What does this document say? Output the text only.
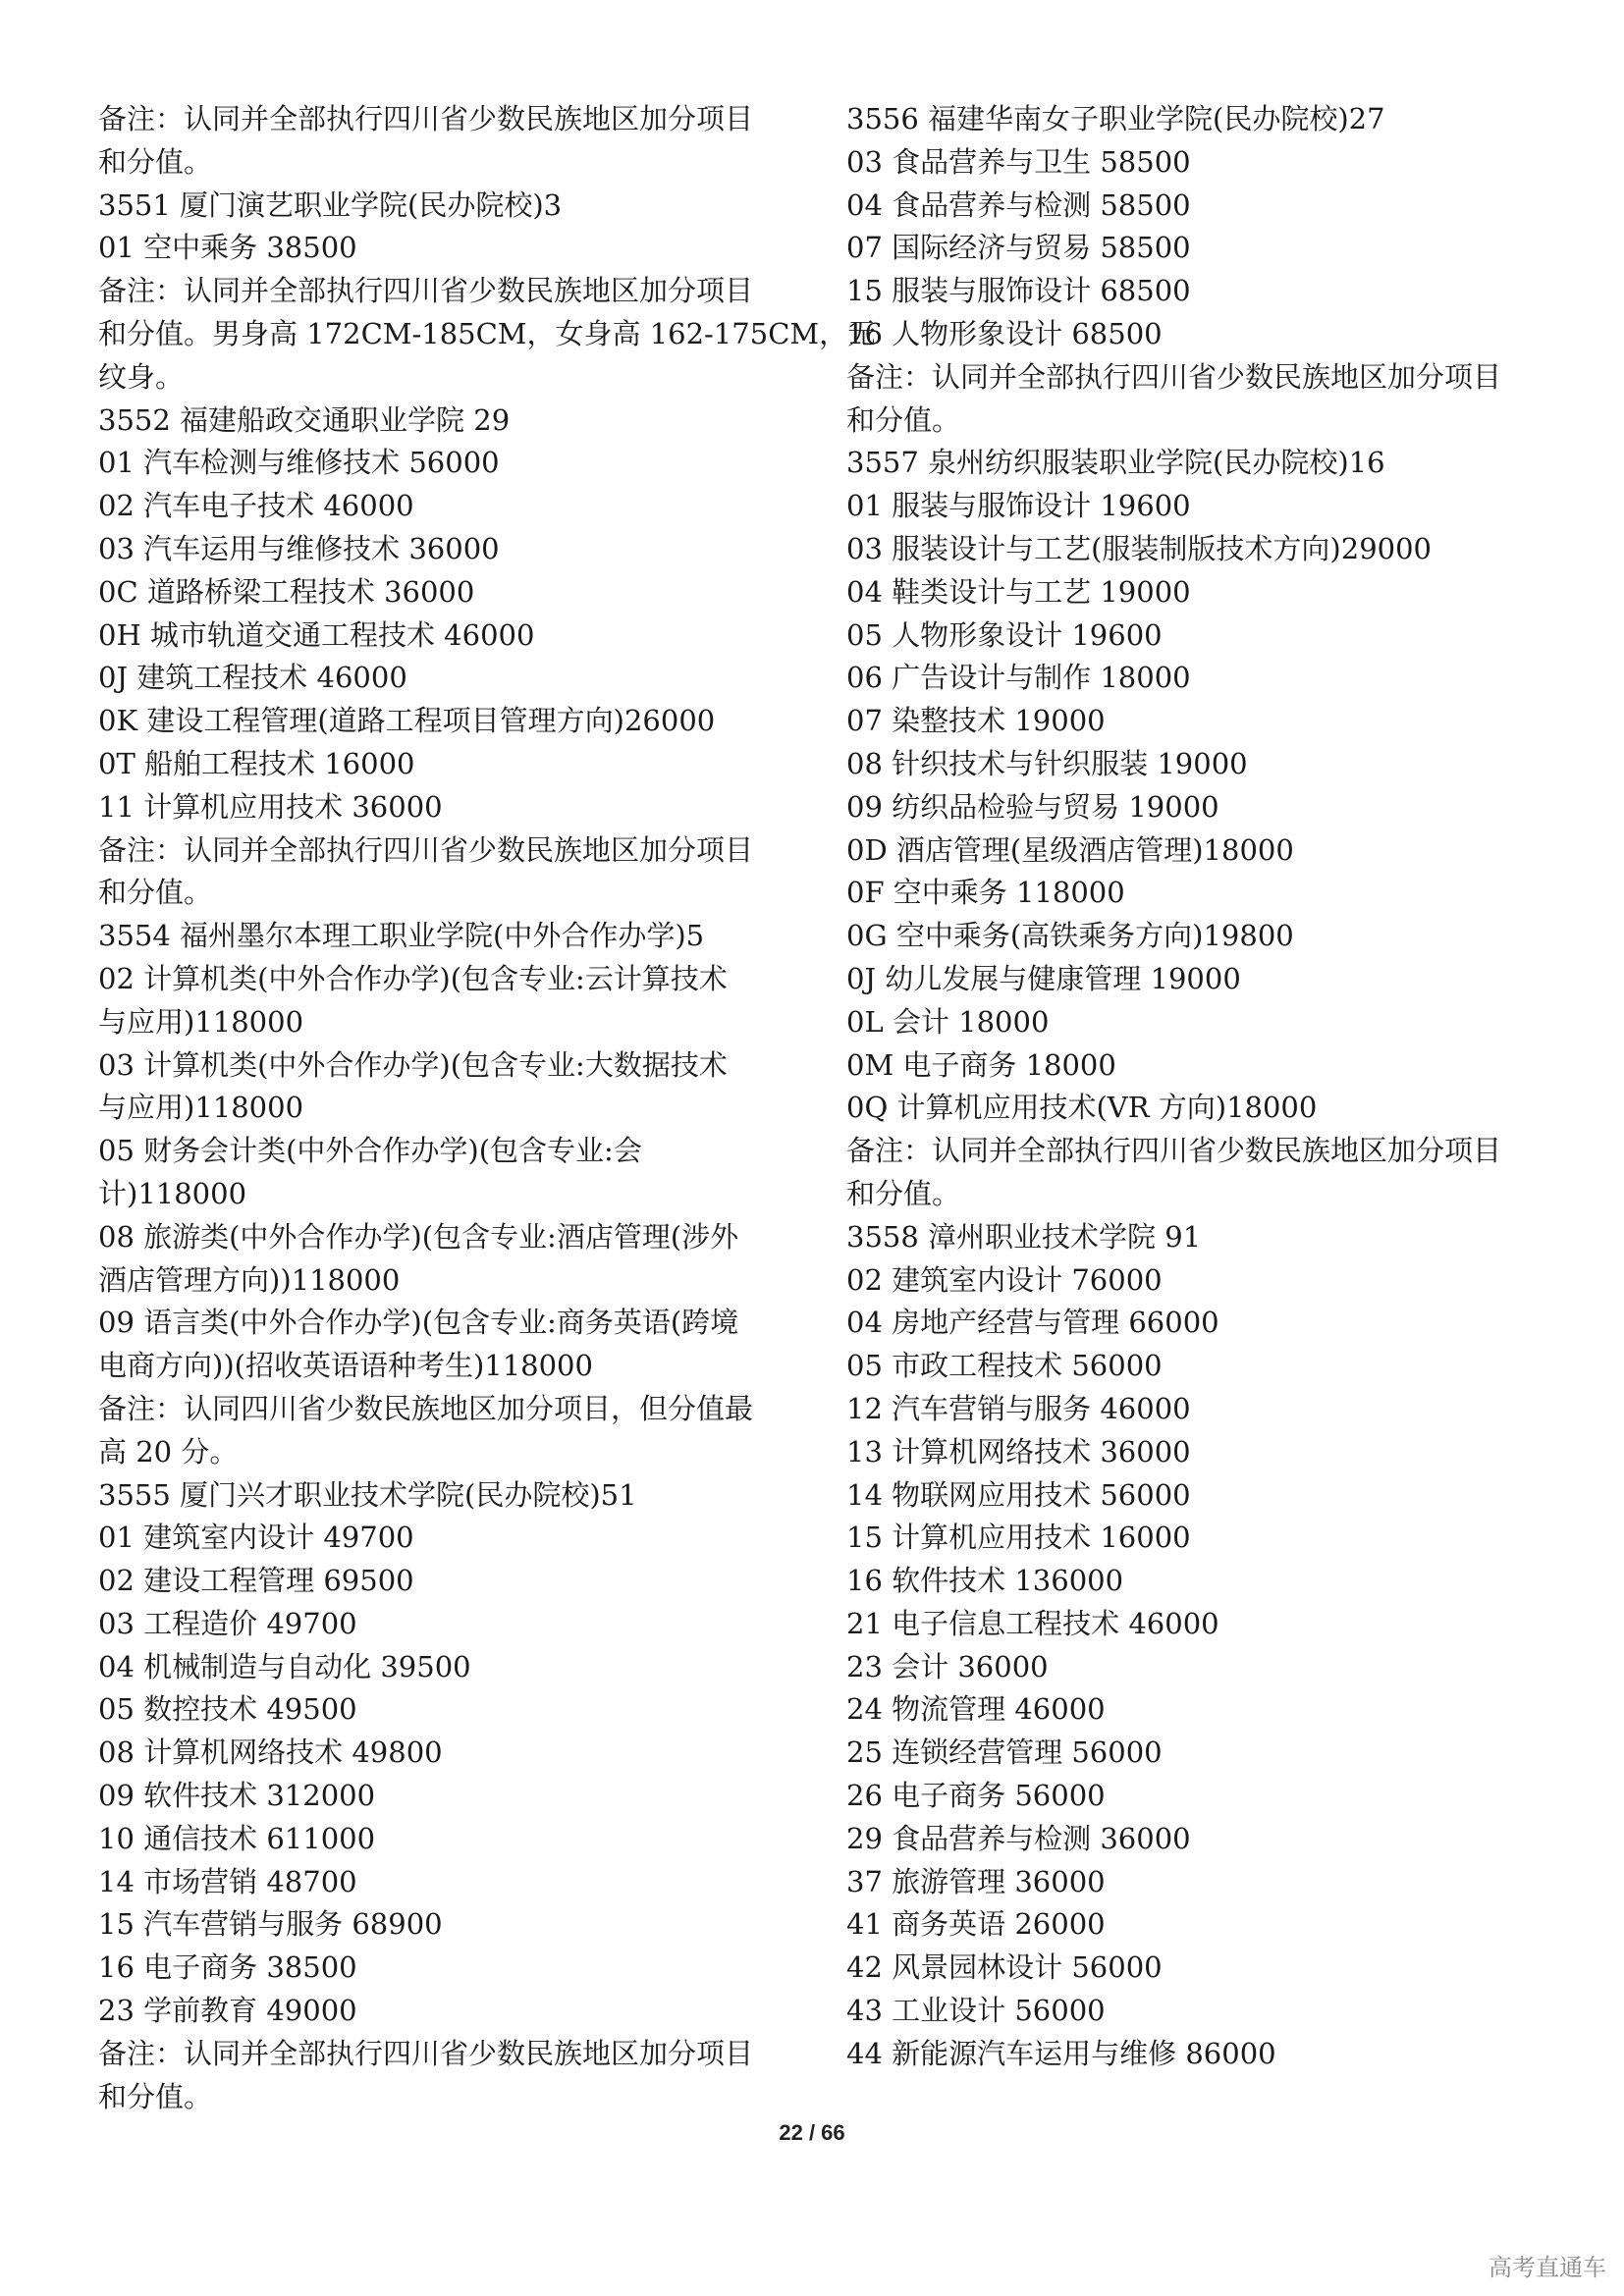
备注：认同并全部执行四川省少数民族地区加分项目
和分值。
3551 厦门演艺职业学院(民办院校)3
01 空中乘务 38500
备注：认同并全部执行四川省少数民族地区加分项目
和分值。男身高 172CM-185CM，女身高 162-175CM，无
纹身。
3552 福建船政交通职业学院 29
01 汽车检测与维修技术 56000
02 汽车电子技术 46000
03 汽车运用与维修技术 36000
0C 道路桥梁工程技术 36000
0H 城市轨道交通工程技术 46000
0J 建筑工程技术 46000
0K 建设工程管理(道路工程项目管理方向)26000
0T 船舶工程技术 16000
11 计算机应用技术 36000
备注：认同并全部执行四川省少数民族地区加分项目
和分值。
3554 福州墨尔本理工职业学院(中外合作办学)5
02 计算机类(中外合作办学)(包含专业:云计算技术
与应用)118000
03 计算机类(中外合作办学)(包含专业:大数据技术
与应用)118000
05 财务会计类(中外合作办学)(包含专业:会
计)118000
08 旅游类(中外合作办学)(包含专业:酒店管理(涉外
酒店管理方向))118000
09 语言类(中外合作办学)(包含专业:商务英语(跨境
电商方向))(招收英语语种考生)118000
备注：认同四川省少数民族地区加分项目，但分值最
高 20 分。
3555 厦门兴才职业技术学院(民办院校)51
01 建筑室内设计 49700
02 建设工程管理 69500
03 工程造价 49700
04 机械制造与自动化 39500
05 数控技术 49500
08 计算机网络技术 49800
09 软件技术 312000
10 通信技术 611000
14 市场营销 48700
15 汽车营销与服务 68900
16 电子商务 38500
23 学前教育 49000
备注：认同并全部执行四川省少数民族地区加分项目
和分值。
3556 福建华南女子职业学院(民办院校)27
03 食品营养与卫生 58500
04 食品营养与检测 58500
07 国际经济与贸易 58500
15 服装与服饰设计 68500
16 人物形象设计 68500
备注：认同并全部执行四川省少数民族地区加分项目
和分值。
3557 泉州纺织服装职业学院(民办院校)16
01 服装与服饰设计 19600
03 服装设计与工艺(服装制版技术方向)29000
04 鞋类设计与工艺 19000
05 人物形象设计 19600
06 广告设计与制作 18000
07 染整技术 19000
08 针织技术与针织服装 19000
09 纺织品检验与贸易 19000
0D 酒店管理(星级酒店管理)18000
0F 空中乘务 118000
0G 空中乘务(高铁乘务方向)19800
0J 幼儿发展与健康管理 19000
0L 会计 18000
0M 电子商务 18000
0Q 计算机应用技术(VR 方向)18000
备注：认同并全部执行四川省少数民族地区加分项目
和分值。
3558 漳州职业技术学院 91
02 建筑室内设计 76000
04 房地产经营与管理 66000
05 市政工程技术 56000
12 汽车营销与服务 46000
13 计算机网络技术 36000
14 物联网应用技术 56000
15 计算机应用技术 16000
16 软件技术 136000
21 电子信息工程技术 46000
23 会计 36000
24 物流管理 46000
25 连锁经营管理 56000
26 电子商务 56000
29 食品营养与检测 36000
37 旅游管理 36000
41 商务英语 26000
42 风景园林设计 56000
43 工业设计 56000
44 新能源汽车运用与维修 86000
22 / 66
高考直通车
